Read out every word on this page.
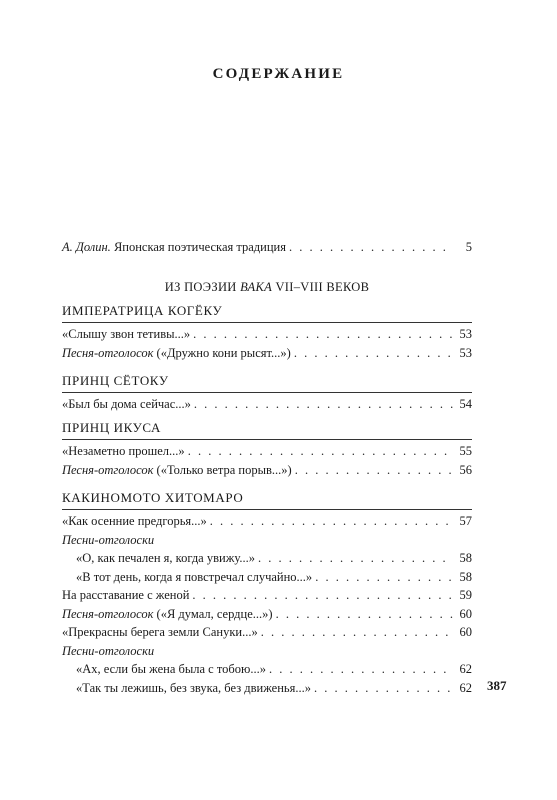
СОДЕРЖАНИЕ
А. Долин. Японская поэтическая традиция . . .	5
ИЗ ПОЭЗИИ ВАКА VII–VIII ВЕКОВ
ИМПЕРАТРИЦА КОГЁКУ
«Слышу звон тетивы...» . . .	53
Песня-отголосок («Дружно кони рысят...») . . .	53
ПРИНЦ СЁТОКУ
«Был бы дома сейчас...» . . .	54
ПРИНЦ ИКУСА
«Незаметно прошел...» . . .	55
Песня-отголосок («Только ветра порыв...») . . .	56
КАКИНОМОТО ХИТОМАРО
«Как осенние предгорья...» . . .	57
Песни-отголоски
«О, как печален я, когда увижу...» . . .	58
«В тот день, когда я повстречал случайно...» . . .	58
На расставание с женой . . .	59
Песня-отголосок («Я думал, сердце...») . . .	60
«Прекрасны берега земли Сануки...» . . .	60
Песни-отголоски
«Ах, если бы жена была с тобою...» . . .	62
«Так ты лежишь, без звука, без движенья...» . . .	62 387
